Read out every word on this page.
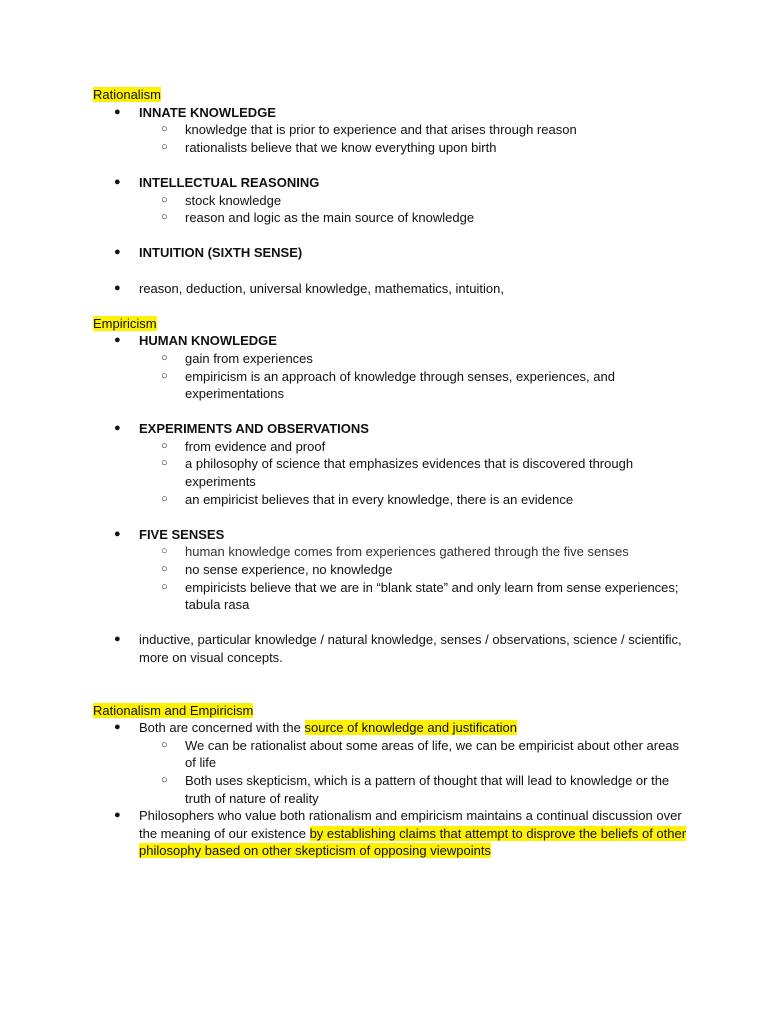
Rationalism
● INNATE KNOWLEDGE
○ knowledge that is prior to experience and that arises through reason
○ rationalists believe that we know everything upon birth
● INTELLECTUAL REASONING
○ stock knowledge
○ reason and logic as the main source of knowledge
● INTUITION (SIXTH SENSE)
● reason, deduction, universal knowledge, mathematics, intuition,
Empiricism
● HUMAN KNOWLEDGE
○ gain from experiences
○ empiricism is an approach of knowledge through senses, experiences, and experimentations
● EXPERIMENTS AND OBSERVATIONS
○ from evidence and proof
○ a philosophy of science that emphasizes evidences that is discovered through experiments
○ an empiricist believes that in every knowledge, there is an evidence
● FIVE SENSES
○ human knowledge comes from experiences gathered through the five senses
○ no sense experience, no knowledge
○ empiricists believe that we are in “blank state” and only learn from sense experiences; tabula rasa
● inductive, particular knowledge / natural knowledge, senses / observations, science / scientific, more on visual concepts.
Rationalism and Empiricism
● Both are concerned with the source of knowledge and justification
○ We can be rationalist about some areas of life, we can be empiricist about other areas of life
○ Both uses skepticism, which is a pattern of thought that will lead to knowledge or the truth of nature of reality
● Philosophers who value both rationalism and empiricism maintains a continual discussion over the meaning of our existence by establishing claims that attempt to disprove the beliefs of other philosophy based on other skepticism of opposing viewpoints
